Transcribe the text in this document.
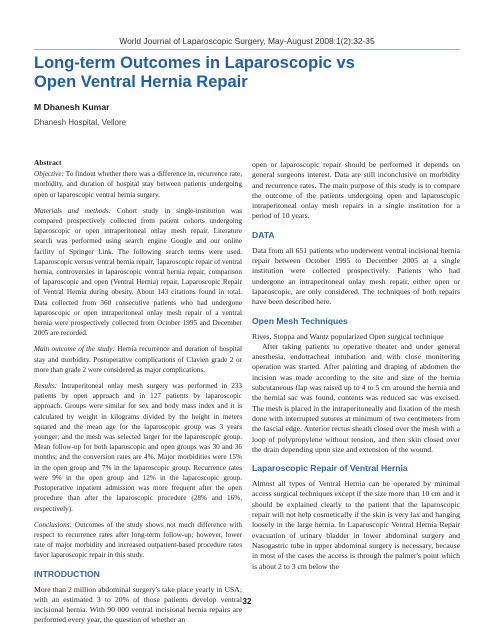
World Journal of Laparoscopic Surgery, May-August 2008:1(2):32-35
Long-term Outcomes in Laparoscopic vs
Open Ventral Hernia Repair
M Dhanesh Kumar
Dhanesh Hospital, Vellore
Abstract

Objective: To findout whether there was a difference in, recurrence rate, morbidity, and duration of hospital stay between patients undergoing open or laparoscopic ventral hernia surgery.

Materials and methods: Cohort study in single-institution was compared prospectively collected from patient cohorts undergoing laparoscopic or open intraperitoneal onlay mesh repair. Literature search was performed using search engine Google and our online facility of Springer Link. The following search terms were used. Laparoscopic versus ventral hernia repair, 'laparoscopic repair of ventral hernia, controversies in laparoscopic ventral hernia repair, comparison of laparoscopic and open (Ventral Hernia) repair, Laparoscopic Repair of Ventral Hernia during obesity. About 143 citations found in total. Data collected from 360 consecutive patients who had undergone laparoscopic or open intraperitoneal onlay mesh repair of a ventral hernia were prospectively collected from October 1995 and December 2005 are recorded.

Main outcome of the study: Hernia recurrence and duration of hospital stay and morbidity. Postoperative complications of Clavien grade 2 or more than grade 2 were considered as major complications.

Results: Intraperitoneal onlay mesh surgery was performed in 233 patients by open approach and in 127 patients by laparoscopic approach. Groups were similar for sex and body mass index and it is calculated by weight in kilograms divided by the height in meters squared and the mean age for the laparoscopic group was 3 years younger; and the mesh was selected larger for the laparoscopic group. Mean follow-up for both laparoscopic and open groups was 30 and 36 months; and the conversion rates are 4%. Major morbidities were 15% in the open group and 7% in the laparoscopic group. Recurrence rates were 9% in the open group and 12% in the laparoscopic group. Postoperative inpatient admission was more frequent after the open procedure than after the laparoscopic procedure (28% and 16%, respectively).

Conclusions: Outcomes of the study shows not much difference with respect to recurrence rates after long-term follow-up; however, lower rate of major morbidity and increased outpatient-based procedure rates favor laparoscopic repair in this study.

INTRODUCTION

More than 2 million abdominal surgery's take place yearly in USA; with an estimated 3 to 20% of those patients develop ventral incisional hernia. With 90 000 ventral incisional hernia repairs are performed every year, the question of whether an

open or laparoscopic repair should be performed it depends on general surgeons interest. Data are still inconclusive on morbidity and recurrence rates. The main purpose of this study is to compare the outcome of the patients undergoing open and laparoscopic intraperitoneal onlay mesh repairs in a single institution for a period of 10 years.

DATA

Data from all 651 patients who underwent ventral incisional hernia repair between October 1995 to December 2005 at a single institution were collected prospectively. Patients who had undergone an intraperitoneal onlay mesh repair, either open or laparoscopic, are only considered. The techniques of both repairs have been described here.

Open Mesh Techniques

Rives, Stoppa and Wantz popularized Open surgical technique

After taking patients to operative theater and under general anesthesia, endotracheal intubation and with close monitoring operation was started. After painting and draping of abdomen the incision was made according to the site and size of the hernia subcutaneous flap was raised up to 4 to 5 cm around the hernia and the hernial sac was found, contents was reduced sac was excised. The mesh is placed in the intraperitoneally and fixation of the mesh done with interrupted sutures at minimum of two centimeters from the fascial edge. Anterior rectus sheath closed over the mesh with a loop of polypropylene without tension, and then skin closed over the drain depending upon size and extension of the wound.

Laparoscopic Repair of Ventral Hernia

Almost all types of Ventral Hernia can be operated by minimal access surgical techniques except if the size more than 10 cm and it should be explained clearly to the patient that the laparoscopic repair will not help cosmetically if the skin is very lax and hanging loosely in the large hernia. In Laparoscopic Ventral Hernia Repair evacuation of urinary bladder in lower abdominal surgery and Nasogastric tube in upper abdominal surgery is necessary, because in most of the cases the access is through the palmer's point which is about 2 to 3 cm below the

32
